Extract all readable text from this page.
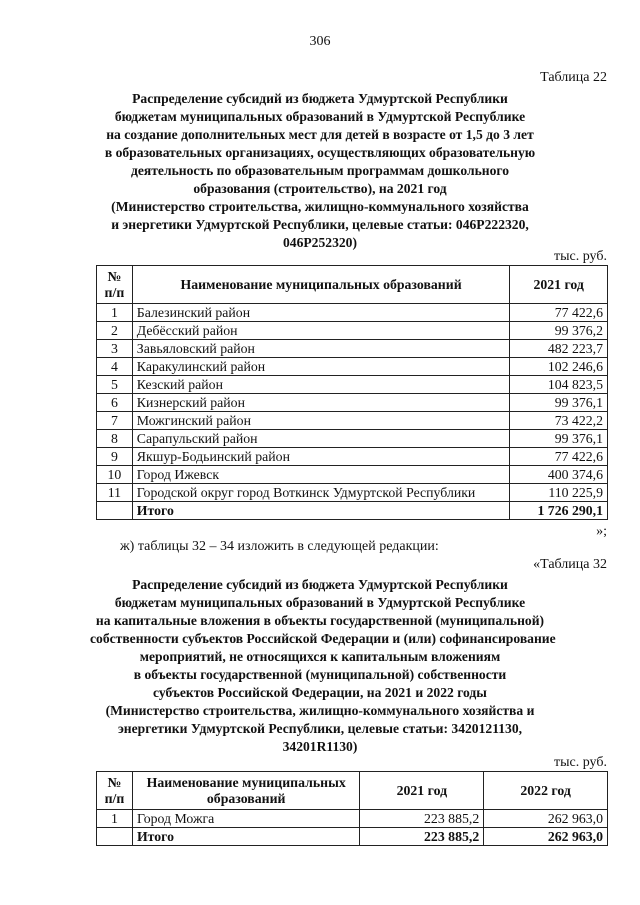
306
Таблица 22
Распределение субсидий из бюджета Удмуртской Республики
бюджетам муниципальных образований в Удмуртской Республике
на создание дополнительных мест для детей в возрасте от 1,5 до 3 лет
в образовательных организациях, осуществляющих образовательную
деятельность по образовательным программам дошкольного
образования (строительство), на 2021 год
(Министерство строительства, жилищно-коммунального хозяйства
и энергетики Удмуртской Республики, целевые статьи: 046P222320,
046P252320)
тыс. руб.
№ п/п	Наименование муниципальных образований	2021 год
1	Балезинский район	77 422,6
2	Дебёсский район	99 376,2
3	Завьяловский район	482 223,7
4	Каракулинский район	102 246,6
5	Кезский район	104 823,5
6	Кизнерский район	99 376,1
7	Можгинский район	73 422,2
8	Сарапульский район	99 376,1
9	Якшур-Бодьинский район	77 422,6
10	Город Ижевск	400 374,6
11	Городской округ город Воткинск Удмуртской Республики	110 225,9
	Итого	1 726 290,1
»;
ж) таблицы 32 – 34 изложить в следующей редакции:
«Таблица 32
Распределение субсидий из бюджета Удмуртской Республики
бюджетам муниципальных образований в Удмуртской Республике
на капитальные вложения в объекты государственной (муниципальной)
собственности субъектов Российской Федерации и (или) софинансирование
мероприятий, не относящихся к капитальным вложениям
в объекты государственной (муниципальной) собственности
субъектов Российской Федерации, на 2021 и 2022 годы
(Министерство строительства, жилищно-коммунального хозяйства и
энергетики Удмуртской Республики, целевые статьи: 3420121130,
34201R1130)
тыс. руб.
№ п/п	Наименование муниципальных образований	2021 год	2022 год
1	Город Можга	223 885,2	262 963,0
	Итого	223 885,2	262 963,0
